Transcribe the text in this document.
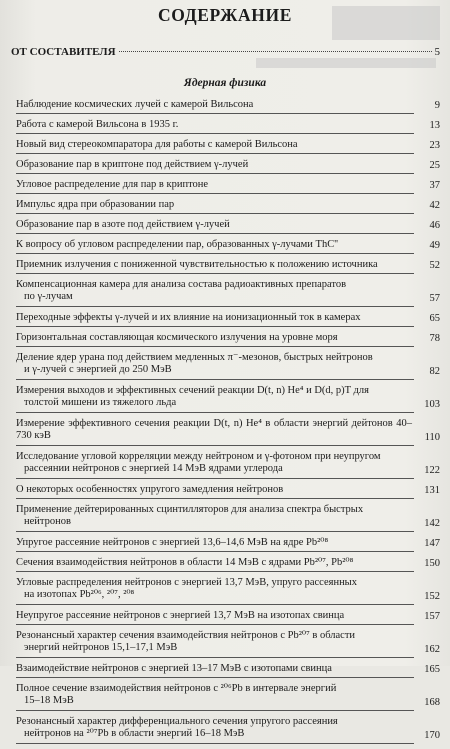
СОДЕРЖАНИЕ
ОТ СОСТАВИТЕЛЯ	5
Ядерная физика
Наблюдение космических лучей с камерой Вильсона	9
Работа с камерой Вильсона в 1935 г.	13
Новый вид стереокомпаратора для работы с камерой Вильсона	23
Образование пар в криптоне под действием γ-лучей	25
Угловое распределение для пар в криптоне	37
Импульс ядра при образовании пар	42
Образование пар в азоте под действием γ-лучей	46
К вопросу об угловом распределении пар, образованных γ-лучами ThC''	49
Приемник излучения с пониженной чувствительностью к положению источника	52
Компенсационная камера для анализа состава радиоактивных препаратов
по γ-лучам	57
Переходные эффекты γ-лучей и их влияние на ионизационный ток в камерах	65
Горизонтальная составляющая космического излучения на уровне моря	78
Деление ядер урана под действием медленных π⁻-мезонов, быстрых нейтронов
и γ-лучей с энергией до 250 МэВ	82
Измерения выходов и эффективных сечений реакции D(t, n) He⁴ и D(d, p)T для
толстой мишени из тяжелого льда	103
Измерение эффективного сечения реакции D(t, n) He⁴ в области энергий дейтонов 40–730 кэВ	110
Исследование угловой корреляции между нейтроном и γ-фотоном при неупругом
рассеянии нейтронов с энергией 14 МэВ ядрами углерода	122
О некоторых особенностях упругого замедления нейтронов	131
Применение дейтерированных сцинтилляторов для анализа спектра быстрых
нейтронов	142
Упругое рассеяние нейтронов с энергией 13,6–14,6 МэВ на ядре Pb²⁰⁸	147
Сечения взаимодействия нейтронов в области 14 МэВ с ядрами Pb²⁰⁷, Pb²⁰⁸	150
Угловые распределения нейтронов с энергией 13,7 МэВ, упруго рассеянных
на изотопах Pb²⁰⁶, ²⁰⁷, ²⁰⁸	152
Неупругое рассеяние нейтронов с энергией 13,7 МэВ на изотопах свинца	157
Резонансный характер сечения взаимодействия нейтронов с Pb²⁰⁷ в области
энергий нейтронов 15,1–17,1 МэВ	162
Взаимодействие нейтронов с энергией 13–17 МэВ с изотопами свинца	165
Полное сечение взаимодействия нейтронов с ²⁰⁶Pb в интервале энергий
15–18 МэВ	168
Резонансный характер дифференциального сечения упругого рассеяния
нейтронов на ²⁰⁷Pb в области энергий 16–18 МэВ	170
